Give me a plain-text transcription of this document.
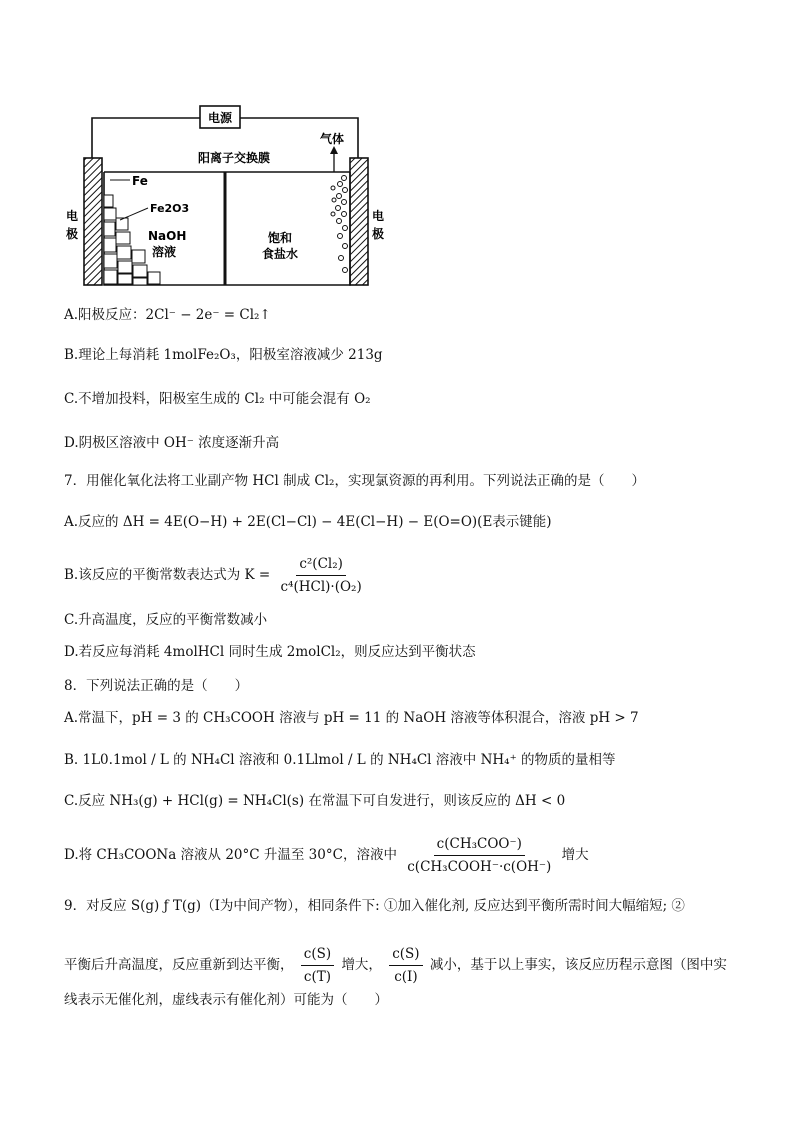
电源
气体
阳离子交换膜
Fe
Fe2O3
NaOH
溶液
饱和
食盐水
电
极
电
极
A.阳极反应：2Cl⁻ − 2e⁻ = Cl₂↑
B.理论上每消耗 1molFe₂O₃，阳极室溶液减少 213g
C.不增加投料，阳极室生成的 Cl₂ 中可能会混有 O₂
D.阴极区溶液中 OH⁻ 浓度逐渐升高
7．用催化氧化法将工业副产物 HCl 制成 Cl₂，实现氯资源的再利用。下列说法正确的是（　　）
A.反应的 ΔH = 4E(O−H) + 2E(Cl−Cl) − 4E(Cl−H) − E(O=O)(E表示键能)
B.该反应的平衡常数表达式为 $K = \frac{\text{c²(Cl₂)}}{\text{c⁴(HCl)·(O₂)}}$
C.升高温度，反应的平衡常数减小
D.若反应每消耗 4molHCl 同时生成 2molCl₂，则反应达到平衡状态
8．下列说法正确的是（　　）
A.常温下，pH = 3 的 CH₃COOH 溶液与 pH = 11 的 NaOH 溶液等体积混合，溶液 pH > 7
B. 1L0.1mol / L 的 NH₄Cl 溶液和 0.1Llmol / L 的 NH₄Cl 溶液中 NH₄⁺ 的物质的量相等
C.反应 NH₃(g) + HCl(g) = NH₄Cl(s) 在常温下可自发进行，则该反应的 ΔH < 0
D.将 CH₃COONa 溶液从 20°C 升温至 30°C，溶液中 $\frac{\text{c(CH₃COO⁻)}}{\text{c(CH₃COOH⁻·c(OH⁻)}}$ 增大
9．对反应 S(g) ƒ T(g)（I为中间产物），相同条件下: ①加入催化剂, 反应达到平衡所需时间大幅缩短; ②
平衡后升高温度，反应重新到达平衡， $\frac{c(S)}{c(T)}$ 增大， $\frac{c(S)}{c(I)}$ 减小，基于以上事实，该反应历程示意图（图中实
线表示无催化剂，虚线表示有催化剂）可能为（　　）
